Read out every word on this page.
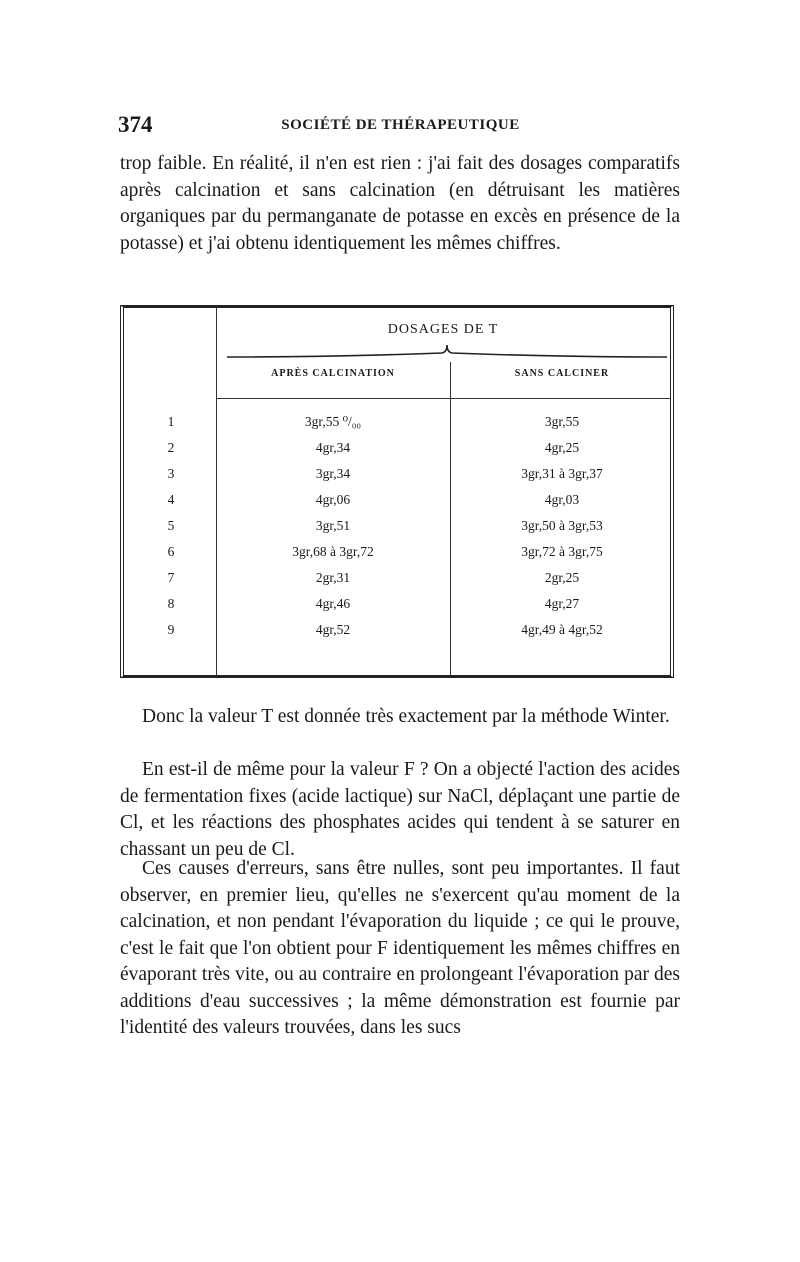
374	SOCIÉTÉ DE THÉRAPEUTIQUE

trop faible. En réalité, il n'en est rien : j'ai fait des dosages comparatifs après calcination et sans calcination (en détruisant les matières organiques par du permanganate de potasse en excès en présence de la potasse) et j'ai obtenu identiquement les mêmes chiffres.

DOSAGES DE T
APRÈS CALCINATION	SANS CALCINER
1	3gr,55 ⁰/₀₀	3gr,55
2	4gr,34	4gr,25
3	3gr,34	3gr,31 à 3gr,37
4	4gr,06	4gr,03
5	3gr,51	3gr,50 à 3gr,53
6	3gr,68 à 3gr,72	3gr,72 à 3gr,75
7	2gr,31	2gr,25
8	4gr,46	4gr,27
9	4gr,52	4gr,49 à 4gr,52

Donc la valeur T est donnée très exactement par la méthode Winter.

En est-il de même pour la valeur F ? On a objecté l'action des acides de fermentation fixes (acide lactique) sur NaCl, déplaçant une partie de Cl, et les réactions des phosphates acides qui tendent à se saturer en chassant un peu de Cl.

Ces causes d'erreurs, sans être nulles, sont peu importantes. Il faut observer, en premier lieu, qu'elles ne s'exercent qu'au moment de la calcination, et non pendant l'évaporation du liquide ; ce qui le prouve, c'est le fait que l'on obtient pour F identiquement les mêmes chiffres en évaporant très vite, ou au contraire en prolongeant l'évaporation par des additions d'eau successives ; la même démonstration est fournie par l'identité des valeurs trouvées, dans les sucs
